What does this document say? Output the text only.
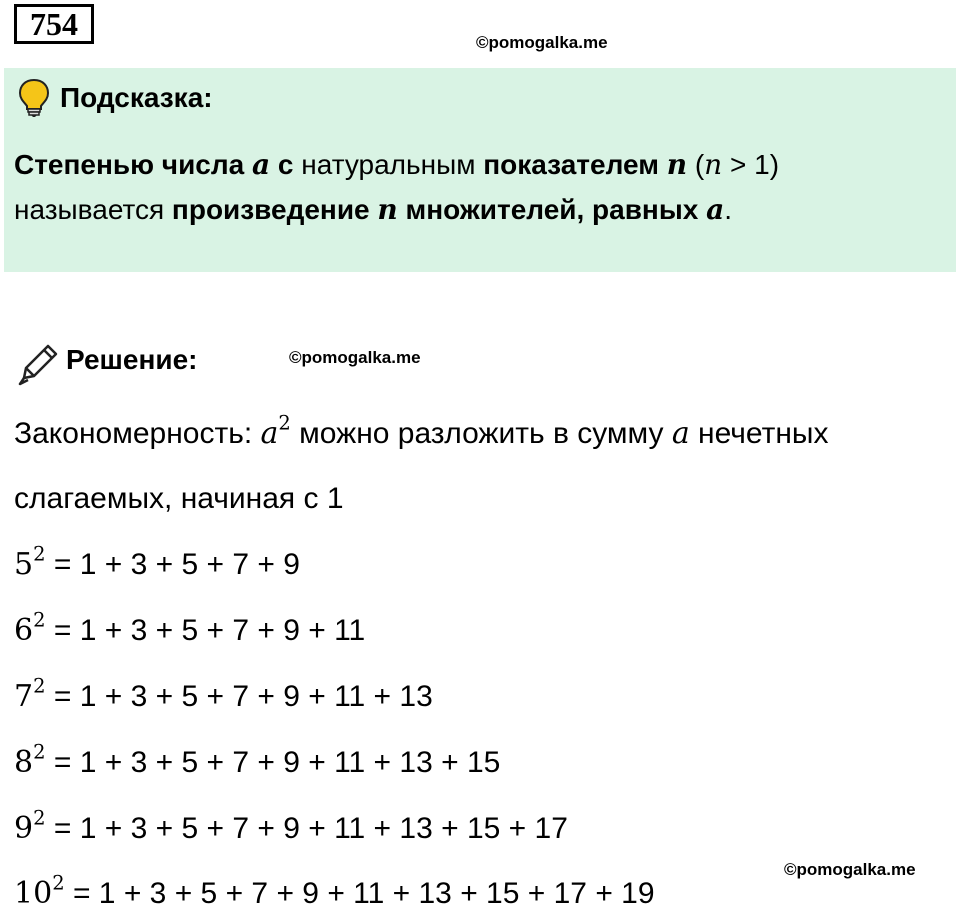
754
©pomogalka.me
Подсказка:
Степенью числа a с натуральным показателем n (n > 1)
называется произведение n множителей, равных a.
Решение:	©pomogalka.me
Закономерность: $a^2$ можно разложить в сумму a нечетных
слагаемых, начиная с 1
$5^2 = 1 + 3 + 5 + 7 + 9$
$6^2 = 1 + 3 + 5 + 7 + 9 + 11$
$7^2 = 1 + 3 + 5 + 7 + 9 + 11 + 13$
$8^2 = 1 + 3 + 5 + 7 + 9 + 11 + 13 + 15$
$9^2 = 1 + 3 + 5 + 7 + 9 + 11 + 13 + 15 + 17$
©pomogalka.me
$10^2 = 1 + 3 + 5 + 7 + 9 + 11 + 13 + 15 + 17 + 19$
